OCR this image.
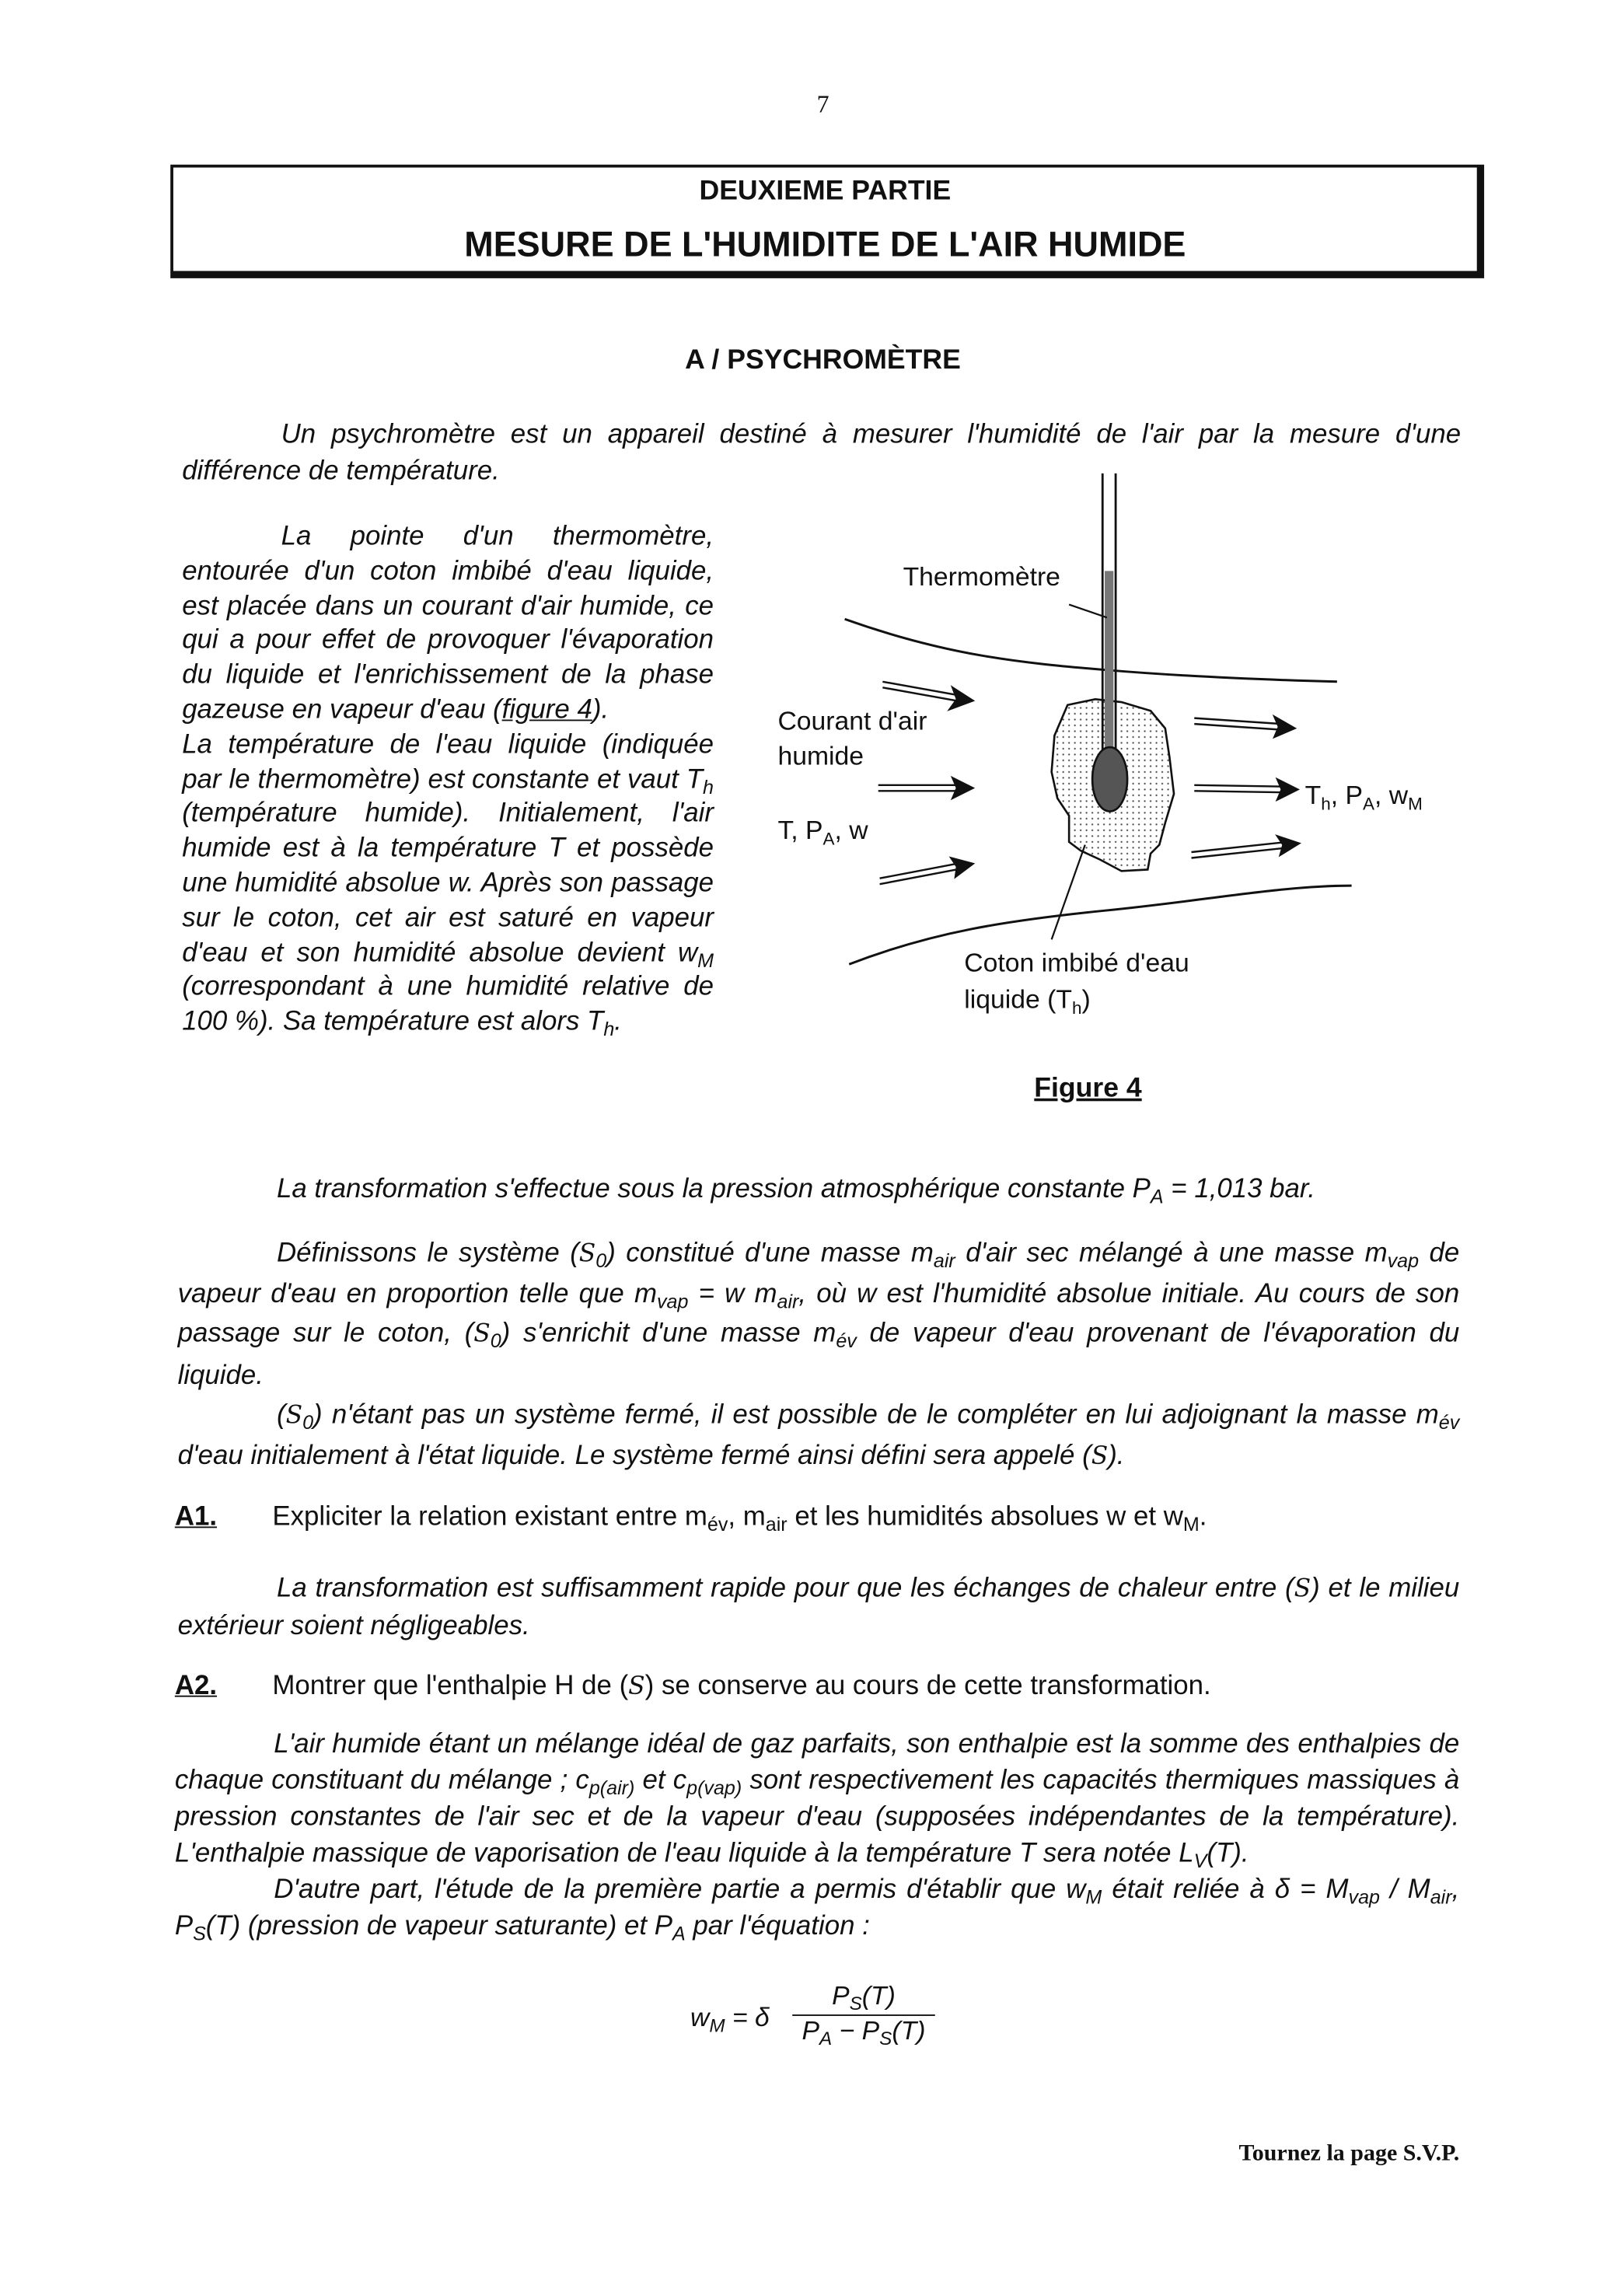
7
DEUXIEME PARTIE
MESURE DE L'HUMIDITE DE L'AIR HUMIDE
A / PSYCHROMÈTRE
Un psychromètre est un appareil destiné à mesurer l'humidité de l'air par la mesure d'une différence de température.
La pointe d'un thermomètre, entourée d'un coton imbibé d'eau liquide, est placée dans un courant d'air humide, ce qui a pour effet de provoquer l'évaporation du liquide et l'enrichissement de la phase gazeuse en vapeur d'eau (figure 4).
La température de l'eau liquide (indiquée par le thermomètre) est constante et vaut $T_h$ (température humide). Initialement, l'air humide est à la température T et possède une humidité absolue w. Après son passage sur le coton, cet air est saturé en vapeur d'eau et son humidité absolue devient $w_M$ (correspondant à une humidité relative de 100 %). Sa température est alors $T_h$.
Thermomètre
Courant d'air
humide
T, $P_A$, w
$T_h$, $P_A$, $w_M$
Coton imbibé d'eau
liquide $(T_h)$
Figure 4
La transformation s'effectue sous la pression atmosphérique constante $P_A = 1,013$ bar.
Définissons le système $(S_0)$ constitué d'une masse $m_{air}$ d'air sec mélangé à une masse $m_{vap}$ de vapeur d'eau en proportion telle que $m_{vap} = w$ $m_{air}$, où w est l'humidité absolue initiale. Au cours de son passage sur le coton, $(S_0)$ s'enrichit d'une masse $m_{év}$ de vapeur d'eau provenant de l'évaporation du liquide.
$(S_0)$ n'étant pas un système fermé, il est possible de le compléter en lui adjoignant la masse $m_{év}$ d'eau initialement à l'état liquide. Le système fermé ainsi défini sera appelé (S).
A1.	Expliciter la relation existant entre $m_{év}$, $m_{air}$ et les humidités absolues w et $w_M$.
La transformation est suffisamment rapide pour que les échanges de chaleur entre (S) et le milieu extérieur soient négligeables.
A2.	Montrer que l'enthalpie H de (S) se conserve au cours de cette transformation.
L'air humide étant un mélange idéal de gaz parfaits, son enthalpie est la somme des enthalpies de chaque constituant du mélange ; $c_{p(air)}$ et $c_{p(vap)}$ sont respectivement les capacités thermiques massiques à pression constantes de l'air sec et de la vapeur d'eau (supposées indépendantes de la température). L'enthalpie massique de vaporisation de l'eau liquide à la température T sera notée $L_V(T)$.
D'autre part, l'étude de la première partie a permis d'établir que $w_M$ était reliée à $\delta = M_{vap} / M_{air}$, $P_S(T)$ (pression de vapeur saturante) et $P_A$ par l'équation :
$w_M = \delta \frac{P_S(T)}{P_A - P_S(T)}$
Tournez la page S.V.P.
